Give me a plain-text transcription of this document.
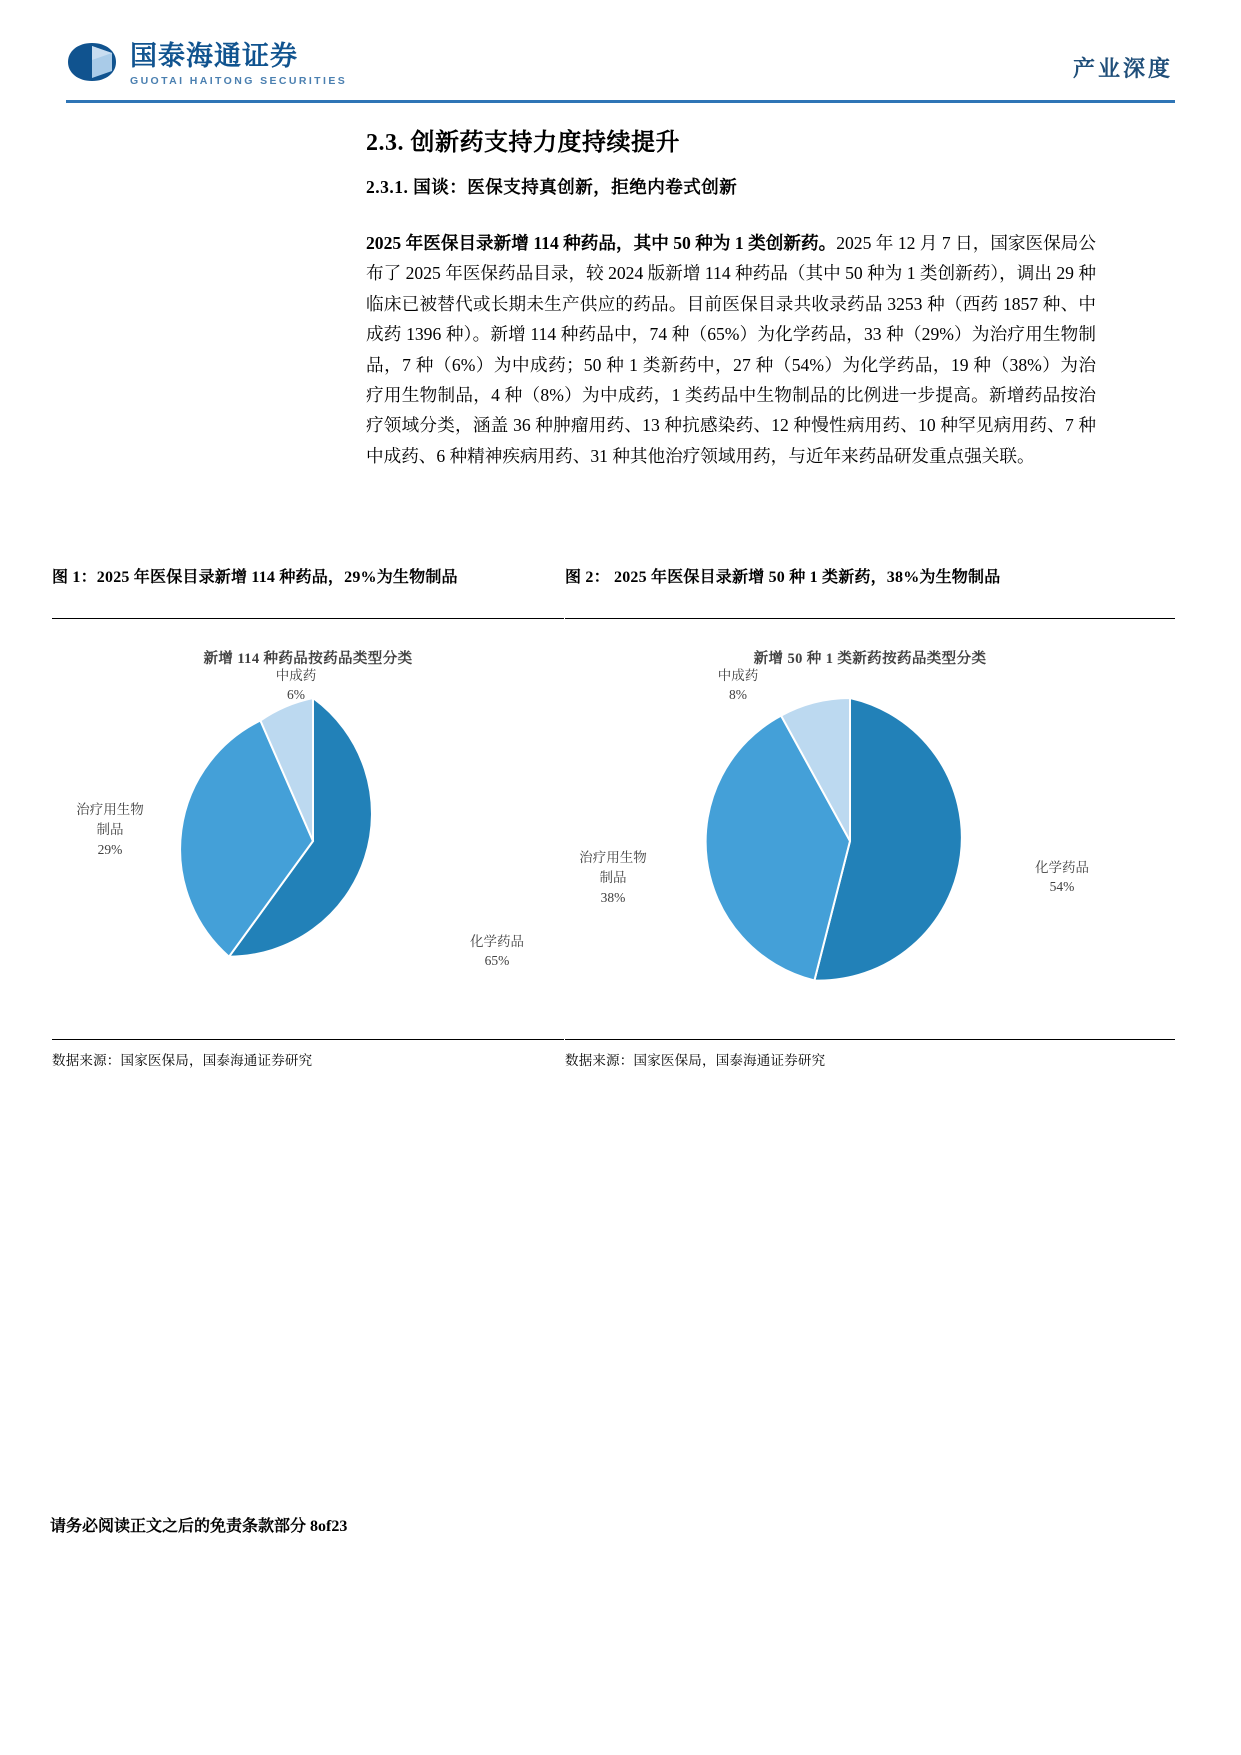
国泰海通证券
GUOTAI HAITONG SECURITIES	产业深度
2.3. 创新药支持力度持续提升
2.3.1. 国谈：医保支持真创新，拒绝内卷式创新
2025 年医保目录新增 114 种药品，其中 50 种为 1 类创新药。2025 年 12 月 7 日，国家医保局公布了 2025 年医保药品目录，较 2024 版新增 114 种药品（其中 50 种为 1 类创新药），调出 29 种临床已被替代或长期未生产供应的药品。目前医保目录共收录药品 3253 种（西药 1857 种、中成药 1396 种）。新增 114 种药品中，74 种（65%）为化学药品，33 种（29%）为治疗用生物制品，7 种（6%）为中成药；50 种 1 类新药中，27 种（54%）为化学药品，19 种（38%）为治疗用生物制品，4 种（8%）为中成药，1 类药品中生物制品的比例进一步提高。新增药品按治疗领域分类，涵盖 36 种肿瘤用药、13 种抗感染药、12 种慢性病用药、10 种罕见病用药、7 种中成药、6 种精神疾病用药、31 种其他治疗领域用药，与近年来药品研发重点强关联。
图 1：2025 年医保目录新增 114 种药品，29%为生物制品
新增 114 种药品按药品类型分类
中成药
6%
治疗用生物
制品
29%
化学药品
65%
数据来源：国家医保局，国泰海通证券研究
图 2： 2025 年医保目录新增 50 种 1 类新药，38%为生物制品
新增 50 种 1 类新药按药品类型分类
中成药
8%
治疗用生物
制品
38%
化学药品
54%
数据来源：国家医保局，国泰海通证券研究
请务必阅读正文之后的免责条款部分 8of23
